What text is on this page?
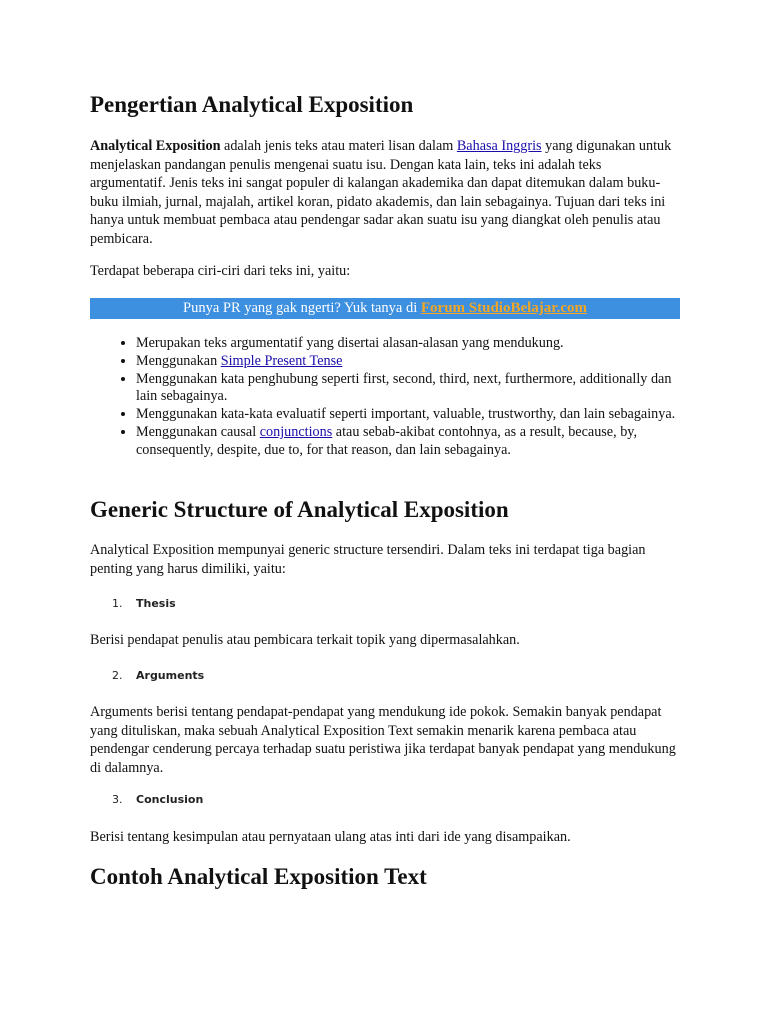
Pengertian Analytical Exposition

Analytical Exposition adalah jenis teks atau materi lisan dalam Bahasa Inggris yang digunakan untuk menjelaskan pandangan penulis mengenai suatu isu. Dengan kata lain, teks ini adalah teks argumentatif. Jenis teks ini sangat populer di kalangan akademika dan dapat ditemukan dalam buku-buku ilmiah, jurnal, majalah, artikel koran, pidato akademis, dan lain sebagainya. Tujuan dari teks ini hanya untuk membuat pembaca atau pendengar sadar akan suatu isu yang diangkat oleh penulis atau pembicara.

Terdapat beberapa ciri-ciri dari teks ini, yaitu:

Punya PR yang gak ngerti? Yuk tanya di Forum StudioBelajar.com
• Merupakan teks argumentatif yang disertai alasan-alasan yang mendukung.
• Menggunakan Simple Present Tense
• Menggunakan kata penghubung seperti first, second, third, next, furthermore, additionally dan lain sebagainya.
• Menggunakan kata-kata evaluatif seperti important, valuable, trustworthy, dan lain sebagainya.
• Menggunakan causal conjunctions atau sebab-akibat contohnya, as a result, because, by, consequently, despite, due to, for that reason, dan lain sebagainya.
Generic Structure of Analytical Exposition

Analytical Exposition mempunyai generic structure tersendiri. Dalam teks ini terdapat tiga bagian penting yang harus dimiliki, yaitu:

1. Thesis

Berisi pendapat penulis atau pembicara terkait topik yang dipermasalahkan.

2. Arguments

Arguments berisi tentang pendapat-pendapat yang mendukung ide pokok. Semakin banyak pendapat yang dituliskan, maka sebuah Analytical Exposition Text semakin menarik karena pembaca atau pendengar cenderung percaya terhadap suatu peristiwa jika terdapat banyak pendapat yang mendukung di dalamnya.

3. Conclusion

Berisi tentang kesimpulan atau pernyataan ulang atas inti dari ide yang disampaikan.

Contoh Analytical Exposition Text
